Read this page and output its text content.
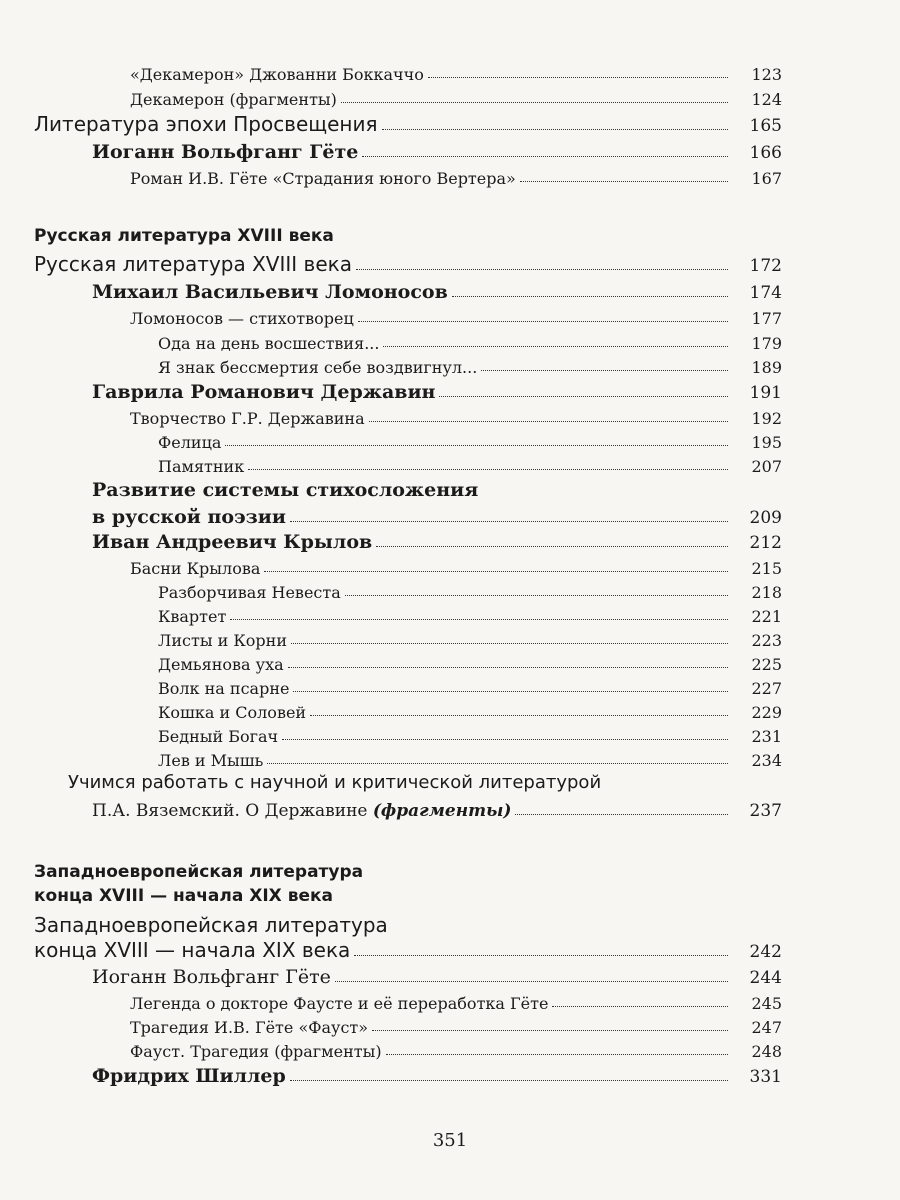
«Декамерон» Джованни Боккаччо	123
Декамерон (фрагменты)	124
Литература эпохи Просвещения	165
Иоганн Вольфганг Гёте	166
Роман И.В. Гёте «Страдания юного Вертера»	167
Русская литература XVIII века
Русская литература XVIII века	172
Михаил Васильевич Ломоносов	174
Ломоносов — стихотворец	177
Ода на день восшествия...	179
Я знак бессмертия себе воздвигнул...	189
Гаврила Романович Державин	191
Творчество Г.Р. Державина	192
Фелица	195
Памятник	207
Развитие системы стихосложения
в русской поэзии	209
Иван Андреевич Крылов	212
Басни Крылова	215
Разборчивая Невеста	218
Квартет	221
Листы и Корни	223
Демьянова уха	225
Волк на псарне	227
Кошка и Соловей	229
Бедный Богач	231
Лев и Мышь	234
Учимся работать с научной и критической литературой
П.А. Вяземский. О Державине (фрагменты)	237
Западноевропейская литература
конца XVIII — начала XIX века
Западноевропейская литература
конца XVIII — начала XIX века	242
Иоганн Вольфганг Гёте	244
Легенда о докторе Фаусте и её переработка Гёте	245
Трагедия И.В. Гёте «Фауст»	247
Фауст. Трагедия (фрагменты)	248
Фридрих Шиллер	331
351
